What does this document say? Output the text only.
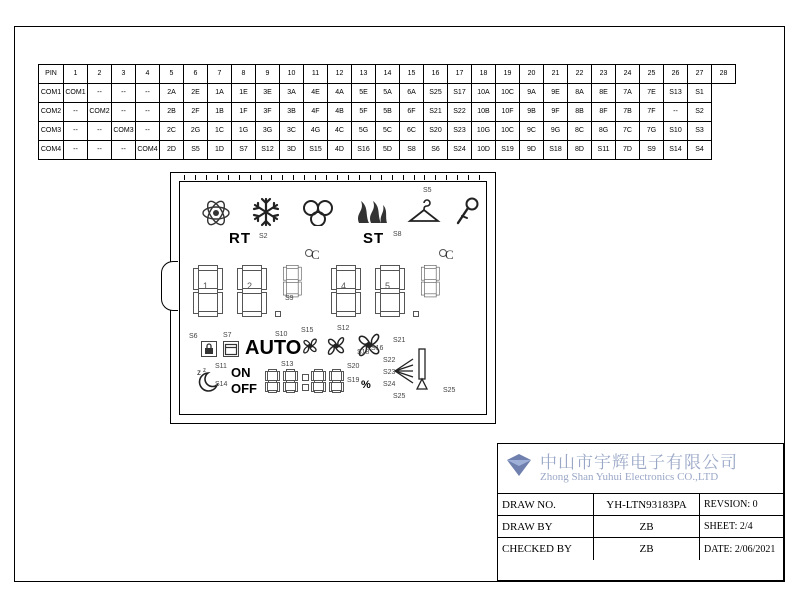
PIN	1	2	3	4	5	6	7	8	9	10	11	12	13	14	15	16	17	18	19	20	21	22	23	24	25	26	27	28
COM1	COM1	--	--	--	2A	2E	1A	1E	3E	3A	4E	4A	5E	5A	6A	S25	S17	10A	10C	9A	9E	8A	8E	7A	7E	S13	S1	
COM2	--	COM2	--	--	2B	2F	1B	1F	3F	3B	4F	4B	5F	5B	6F	S21	S22	10B	10F	9B	9F	8B	8F	7B	7F	--	S2	
COM3	--	--	COM3	--	2C	2G	1C	1G	3G	3C	4G	4C	5G	5C	6C	S20	S23	10G	10C	9C	9G	8C	8G	7C	7G	S10	S3	
COM4	--	--	--	COM4	2D	S5	1D	S7	S12	3D	S15	4D	S16	5D	S8	S6	S24	10D	S19	9D	S18	8D	S11	7D	S9	S14	S4	
S5
RT S2	ST S8
C	C
1	2	4	5
S9
S10
S6	S7
AUTO
S15	S12
S21
z z ON
OFF
S11
S14
S13	S20
S19 %
S22
S23
S24
S25
S25
S18
S16
中山市宇辉电子有限公司
Zhong Shan Yuhui Electronics CO.,LTD
DRAW NO.	YH-LTN93183PA	REVSION: 0
DRAW BY	ZB	SHEET: 2/4
CHECKED BY	ZB	DATE: 2/06/2021
